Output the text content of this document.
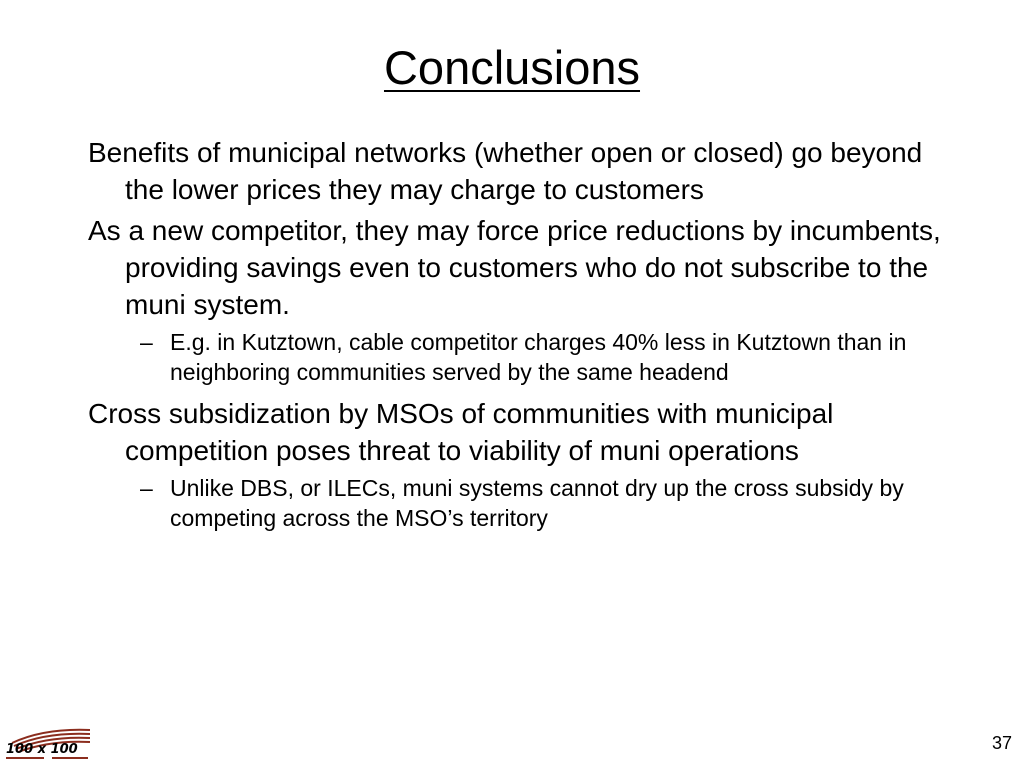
Conclusions

Benefits of municipal networks (whether open or closed) go beyond the lower prices they may charge to customers

As a new competitor, they may force price reductions by incumbents, providing savings even to customers who do not subscribe to the muni system.

– E.g. in Kutztown, cable competitor charges 40% less in Kutztown than in neighboring communities served by the same headend

Cross subsidization by MSOs of communities with municipal competition poses threat to viability of muni operations

– Unlike DBS, or ILECs, muni systems cannot dry up the cross subsidy by competing across the MSO’s territory
100 x 100	37
